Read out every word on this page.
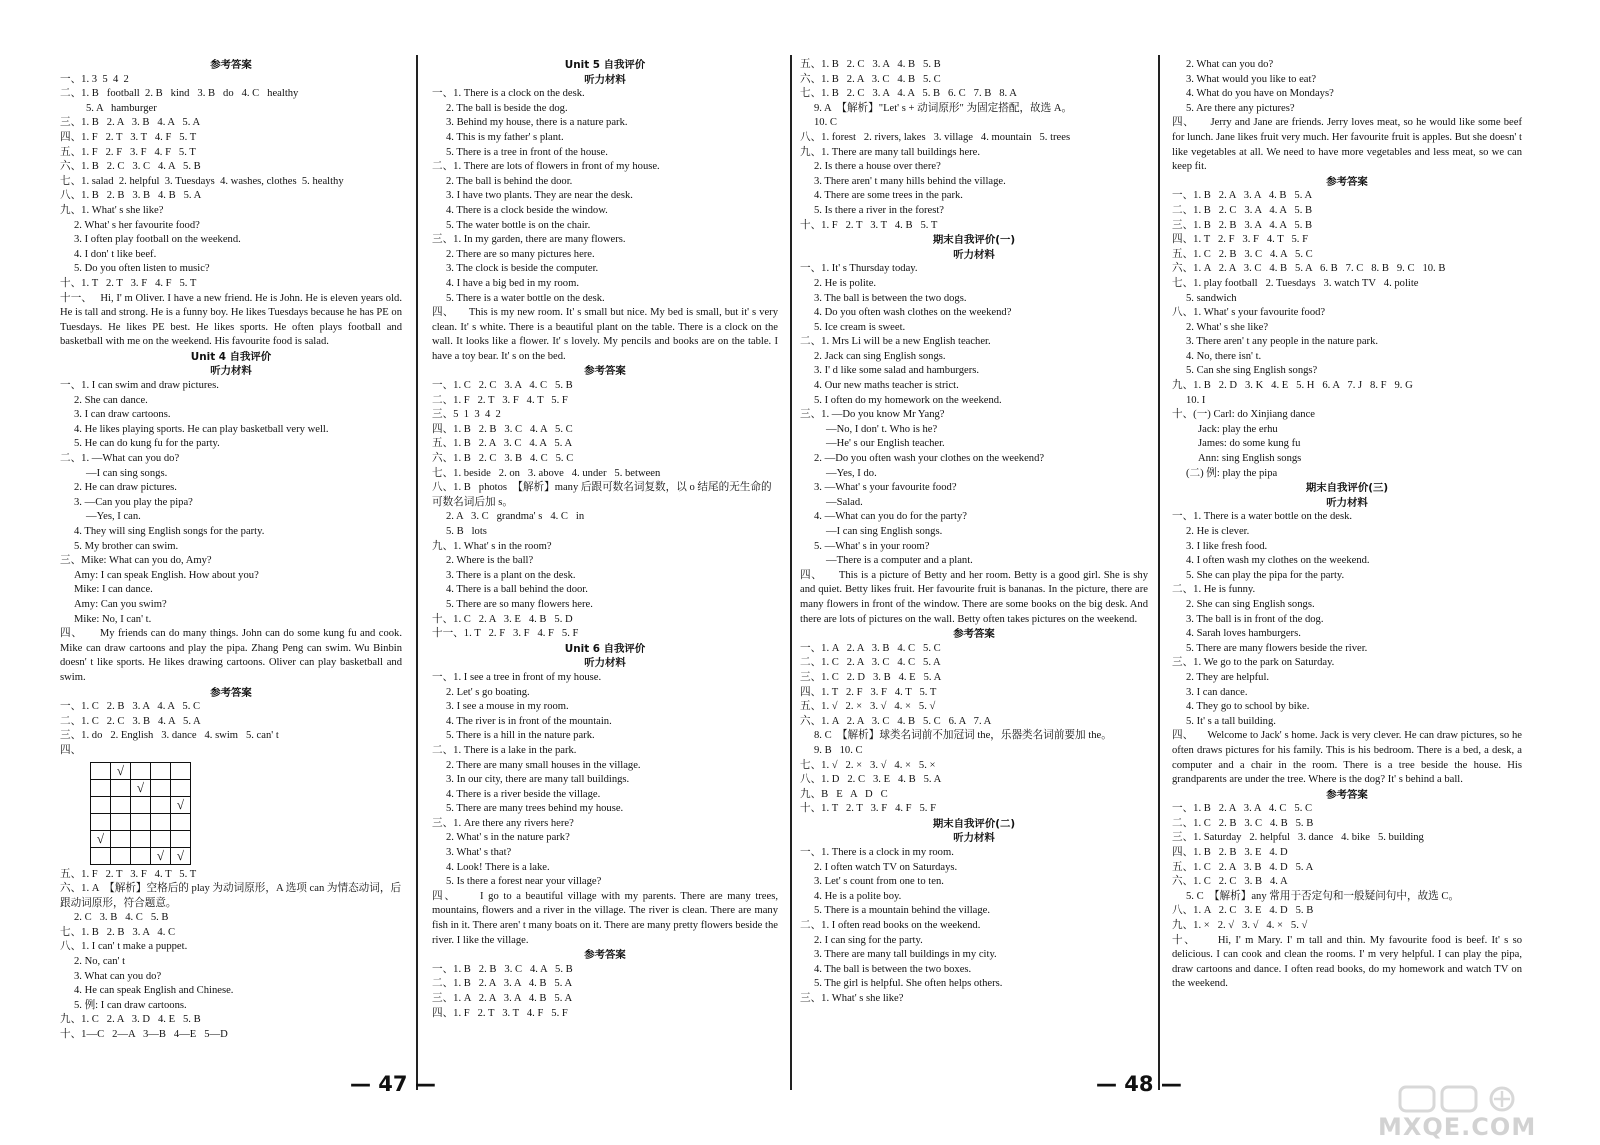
参考答案
一、1. 3  5  4  2
二、1. B   football  2. B   kind   3. B   do   4. C   healthy
5. A   hamburger
三、1. B   2. A   3. B   4. A   5. A
四、1. F   2. T   3. T   4. F   5. T
五、1. F   2. F   3. F   4. F   5. T
六、1. B   2. C   3. C   4. A   5. B
七、1. salad  2. helpful  3. Tuesdays  4. washes, clothes  5. healthy
八、1. B   2. B   3. B   4. B   5. A
九、1. What' s she like?
2. What' s her favourite food?
3. I often play football on the weekend.
4. I don' t like beef.
5. Do you often listen to music?
十、1. T   2. T   3. F   4. F   5. T
十一、   Hi, I' m Oliver. I have a new friend. He is John. He is eleven years old. He is tall and strong. He is a funny boy. He likes Tuesdays because he has PE on Tuesdays. He likes PE best. He likes sports. He often plays football and basketball with me on the weekend. His favourite food is salad.
Unit 4 自我评价
听力材料
一、1. I can swim and draw pictures.
2. She can dance.
3. I can draw cartoons.
4. He likes playing sports. He can play basketball very well.
5. He can do kung fu for the party.
二、1. —What can you do?
—I can sing songs.
2. He can draw pictures.
3. —Can you play the pipa?
—Yes, I can.
4. They will sing English songs for the party.
5. My brother can swim.
三、Mike: What can you do, Amy?
Amy: I can speak English. How about you?
Mike: I can dance.
Amy: Can you swim?
Mike: No, I can' t.
四、     My friends can do many things. John can do some kung fu and cook. Mike can draw cartoons and play the pipa. Zhang Peng can swim. Wu Binbin doesn' t like sports. He likes drawing cartoons. Oliver can play basketball and swim.
参考答案
一、1. C   2. B   3. A   4. A   5. C
二、1. C   2. C   3. B   4. A   5. A
三、1. do   2. English   3. dance   4. swim   5. can' t
四、
	√			
		√		
				√

√				
			√	√
五、1. F   2. T   3. F   4. T   5. T
六、1. A  【解析】空格后的 play 为动词原形，A 选项 can 为情态动词，后跟动词原形，符合题意。
2. C   3. B   4. C   5. B
七、1. B   2. B   3. A   4. C
八、1. I can' t make a puppet.
2. No, can' t
3. What can you do?
4. He can speak English and Chinese.
5. 例: I can draw cartoons.
九、1. C   2. A   3. D   4. E   5. B
十、1—C   2—A   3—B   4—E   5—D
Unit 5 自我评价
听力材料
一、1. There is a clock on the desk.
2. The ball is beside the dog.
3. Behind my house, there is a nature park.
4. This is my father' s plant.
5. There is a tree in front of the house.
二、1. There are lots of flowers in front of my house.
2. The ball is behind the door.
3. I have two plants. They are near the desk.
4. There is a clock beside the window.
5. The water bottle is on the chair.
三、1. In my garden, there are many flowers.
2. There are so many pictures here.
3. The clock is beside the computer.
4. I have a big bed in my room.
5. There is a water bottle on the desk.
四、     This is my new room. It' s small but nice. My bed is small, but it' s very clean. It' s white. There is a beautiful plant on the table. There is a clock on the wall. It looks like a flower. It' s lovely. My pencils and books are on the table. I have a toy bear. It' s on the bed.
参考答案
一、1. C   2. C   3. A   4. C   5. B
二、1. F   2. T   3. F   4. T   5. F
三、5  1  3  4  2
四、1. B   2. B   3. C   4. A   5. C
五、1. B   2. A   3. C   4. A   5. A
六、1. B   2. C   3. B   4. C   5. C
七、1. beside   2. on   3. above   4. under   5. between
八、1. B   photos  【解析】many 后跟可数名词复数，以 o 结尾的无生命的可数名词后加 s。
2. A   3. C   grandma' s   4. C   in
5. B   lots
九、1. What' s in the room?
2. Where is the ball?
3. There is a plant on the desk.
4. There is a ball behind the door.
5. There are so many flowers here.
十、1. C   2. A   3. E   4. B   5. D
十一、1. T   2. F   3. F   4. F   5. F
Unit 6 自我评价
听力材料
一、1. I see a tree in front of my house.
2. Let' s go boating.
3. I see a mouse in my room.
4. The river is in front of the mountain.
5. There is a hill in the nature park.
二、1. There is a lake in the park.
2. There are many small houses in the village.
3. In our city, there are many tall buildings.
4. There is a river beside the village.
5. There are many trees behind my house.
三、1. Are there any rivers here?
2. What' s in the nature park?
3. What' s that?
4. Look! There is a lake.
5. Is there a forest near your village?
四、     I go to a beautiful village with my parents. There are many trees, mountains, flowers and a river in the village. The river is clean. There are many fish in it. There aren' t many boats on it. There are many pretty flowers beside the river. I like the village.
参考答案
一、1. B   2. B   3. C   4. A   5. B
二、1. B   2. A   3. A   4. B   5. A
三、1. A   2. A   3. A   4. B   5. A
四、1. F   2. T   3. T   4. F   5. F
五、1. B   2. C   3. A   4. B   5. B
六、1. B   2. A   3. C   4. B   5. C
七、1. B   2. C   3. A   4. A   5. B   6. C   7. B   8. A
9. A  【解析】"Let' s + 动词原形" 为固定搭配，故选 A。
10. C
八、1. forest   2. rivers, lakes   3. village   4. mountain   5. trees
九、1. There are many tall buildings here.
2. Is there a house over there?
3. There aren' t many hills behind the village.
4. There are some trees in the park.
5. Is there a river in the forest?
十、1. F   2. T   3. T   4. B   5. T
期末自我评价(一)
听力材料
一、1. It' s Thursday today.
2. He is polite.
3. The ball is between the two dogs.
4. Do you often wash clothes on the weekend?
5. Ice cream is sweet.
二、1. Mrs Li will be a new English teacher.
2. Jack can sing English songs.
3. I' d like some salad and hamburgers.
4. Our new maths teacher is strict.
5. I often do my homework on the weekend.
三、1. —Do you know Mr Yang?
—No, I don' t. Who is he?
—He' s our English teacher.
2. —Do you often wash your clothes on the weekend?
—Yes, I do.
3. —What' s your favourite food?
—Salad.
4. —What can you do for the party?
—I can sing English songs.
5. —What' s in your room?
—There is a computer and a plant.
四、     This is a picture of Betty and her room. Betty is a good girl. She is shy and quiet. Betty likes fruit. Her favourite fruit is bananas. In the picture, there are many flowers in front of the window. There are some books on the big desk. And there are lots of pictures on the wall. Betty often takes pictures on the weekend.
参考答案
一、1. A   2. A   3. B   4. C   5. C
二、1. C   2. A   3. C   4. C   5. A
三、1. C   2. D   3. B   4. E   5. A
四、1. T   2. F   3. F   4. T   5. T
五、1. √   2. ×   3. √   4. ×   5. √
六、1. A   2. A   3. C   4. B   5. C   6. A   7. A
8. C  【解析】球类名词前不加冠词 the，乐器类名词前要加 the。
9. B   10. C
七、1. √   2. ×   3. √   4. ×   5. ×
八、1. D   2. C   3. E   4. B   5. A
九、B   E   A   D   C
十、1. T   2. T   3. F   4. F   5. F
期末自我评价(二)
听力材料
一、1. There is a clock in my room.
2. I often watch TV on Saturdays.
3. Let' s count from one to ten.
4. He is a polite boy.
5. There is a mountain behind the village.
二、1. I often read books on the weekend.
2. I can sing for the party.
3. There are many tall buildings in my city.
4. The ball is between the two boxes.
5. The girl is helpful. She often helps others.
三、1. What' s she like?
2. What can you do?
3. What would you like to eat?
4. What do you have on Mondays?
5. Are there any pictures?
四、     Jerry and Jane are friends. Jerry loves meat, so he would like some beef for lunch. Jane likes fruit very much. Her favourite fruit is apples. But she doesn' t like vegetables at all. We need to have more vegetables and less meat, so we can keep fit.
参考答案
一、1. B   2. A   3. A   4. B   5. A
二、1. B   2. C   3. A   4. A   5. B
三、1. B   2. B   3. A   4. A   5. B
四、1. T   2. F   3. F   4. T   5. F
五、1. C   2. B   3. C   4. A   5. C
六、1. A   2. A   3. C   4. B   5. A   6. B   7. C   8. B   9. C   10. B
七、1. play football   2. Tuesdays   3. watch TV   4. polite
5. sandwich
八、1. What' s your favourite food?
2. What' s she like?
3. There aren' t any people in the nature park.
4. No, there isn' t.
5. Can she sing English songs?
九、1. B   2. D   3. K   4. E   5. H   6. A   7. J   8. F   9. G
10. I
十、(一) Carl: do Xinjiang dance
Jack: play the erhu
James: do some kung fu
Ann: sing English songs
(二) 例: play the pipa
期末自我评价(三)
听力材料
一、1. There is a water bottle on the desk.
2. He is clever.
3. I like fresh food.
4. I often wash my clothes on the weekend.
5. She can play the pipa for the party.
二、1. He is funny.
2. She can sing English songs.
3. The ball is in front of the dog.
4. Sarah loves hamburgers.
5. There are many flowers beside the river.
三、1. We go to the park on Saturday.
2. They are helpful.
3. I can dance.
4. They go to school by bike.
5. It' s a tall building.
四、     Welcome to Jack' s home. Jack is very clever. He can draw pictures, so he often draws pictures for his family. This is his bedroom. There is a bed, a desk, a computer and a chair in the room. There is a tree beside the house. His grandparents are under the tree. Where is the dog? It' s behind a ball.
参考答案
一、1. B   2. A   3. A   4. C   5. C
二、1. C   2. B   3. C   4. B   5. B
三、1. Saturday   2. helpful   3. dance   4. bike   5. building
四、1. B   2. B   3. E   4. D
五、1. C   2. A   3. B   4. D   5. A
六、1. C   2. C   3. B   4. A
5. C  【解析】any 常用于否定句和一般疑问句中，故选 C。
八、1. A   2. C   3. E   4. D   5. B
九、1. ×   2. √   3. √   4. ×   5. √
十、     Hi, I' m Mary. I' m tall and thin. My favourite food is beef. It' s so delicious. I can cook and clean the rooms. I' m very helpful. I can play the pipa, draw cartoons and dance. I often read books, do my homework and watch TV on the weekend.
— 47 —	— 48 —
MXQE.COM
